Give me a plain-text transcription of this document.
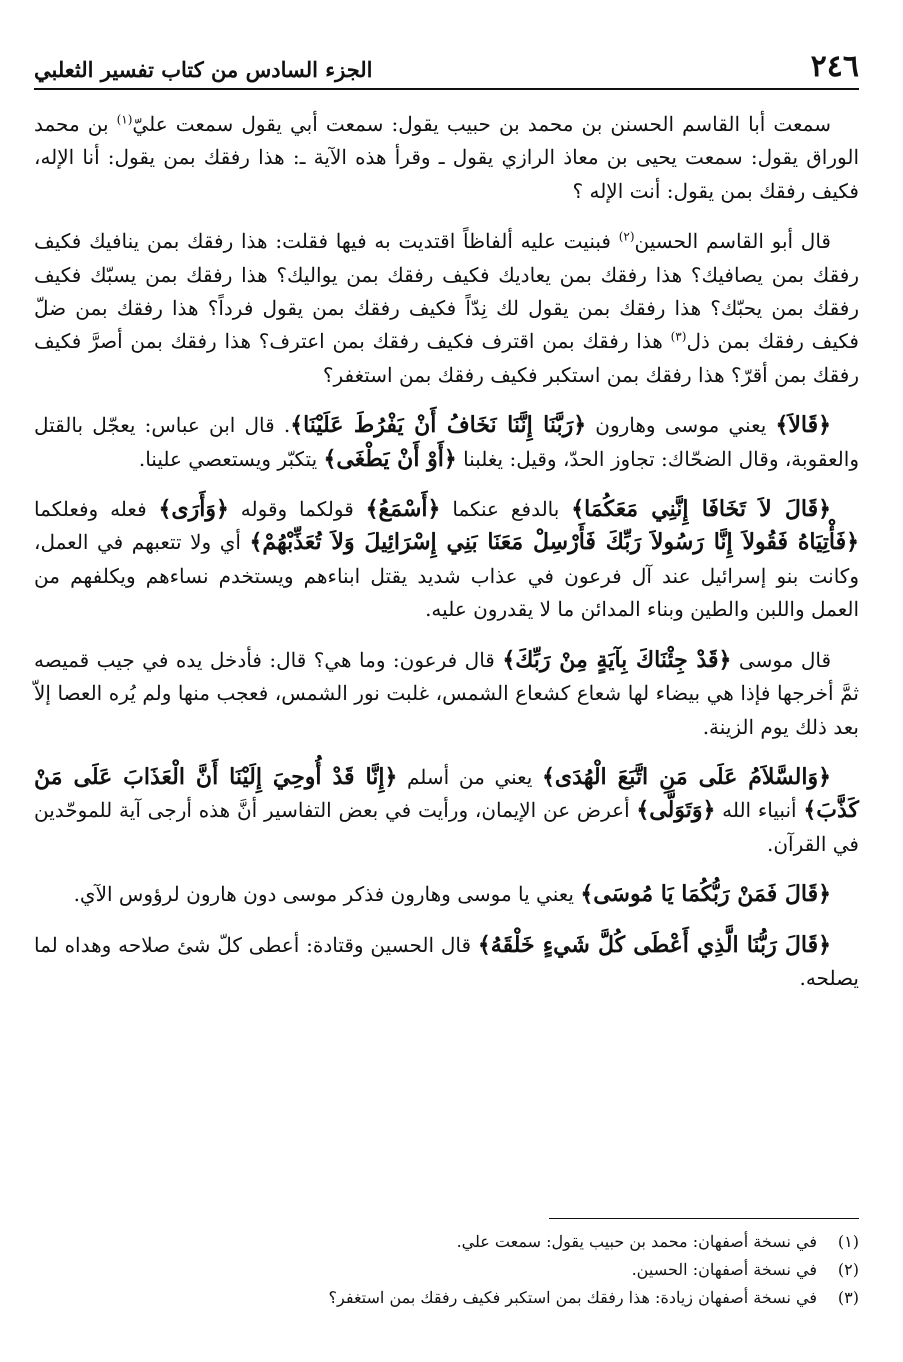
٢٤٦
الجزء السادس من كتاب تفسير الثعلبي

سمعت أبا القاسم الحسنن بن محمد بن حبيب يقول: سمعت أبي يقول سمعت عليّ$^{(١)}$ بن محمد الوراق يقول: سمعت يحيى بن معاذ الرازي يقول ـ وقرأ هذه الآية ـ: هذا رفقك بمن يقول: أنا الإله، فكيف رفقك بمن يقول: أنت الإله ؟

قال أبو القاسم الحسين$^{(٢)}$ فبنيت عليه ألفاظاً اقتديت به فيها فقلت: هذا رفقك بمن ينافيك فكيف رفقك بمن يصافيك؟ هذا رفقك بمن يعاديك فكيف رفقك بمن يواليك؟ هذا رفقك بمن يسبّك فكيف رفقك بمن يحبّك؟ هذا رفقك بمن يقول لك نِدّاً فكيف رفقك بمن يقول فرداً؟ هذا رفقك بمن ضلّ فكيف رفقك بمن ذل$^{(٣)}$ هذا رفقك بمن اقترف فكيف رفقك بمن اعترف؟ هذا رفقك بمن أصرَّ فكيف رفقك بمن أقرّ؟ هذا رفقك بمن استكبر فكيف رفقك بمن استغفر؟

﴿قَالاَ﴾ يعني موسى وهارون ﴿رَبَّنَا إِنَّنَا نَخَافُ أَنْ يَفْرُطَ عَلَيْنَا﴾. قال ابن عباس: يعجّل بالقتل والعقوبة، وقال الضحّاك: تجاوز الحدّ، وقيل: يغلبنا ﴿أَوْ أَنْ يَطْغَى﴾ يتكبّر ويستعصي علينا.

﴿قَالَ لاَ تَخَافَا إِنَّنِي مَعَكُمَا﴾ بالدفع عنكما ﴿أَسْمَعُ﴾ قولكما وقوله ﴿وَأَرَى﴾ فعله وفعلكما ﴿فَأْتِيَاهُ فَقُولاَ إِنَّا رَسُولاَ رَبِّكَ فَأَرْسِلْ مَعَنَا بَنِي إِسْرَائِيلَ وَلاَ تُعَذِّبْهُمْ﴾ أي ولا تتعبهم في العمل، وكانت بنو إسرائيل عند آل فرعون في عذاب شديد يقتل ابناءهم ويستخدم نساءهم ويكلفهم من العمل واللبن والطين وبناء المدائن ما لا يقدرون عليه.

قال موسى ﴿قَدْ جِئْنَاكَ بِآيَةٍ مِنْ رَبِّكَ﴾ قال فرعون: وما هي؟ قال: فأدخل يده في جيب قميصه ثمَّ أخرجها فإذا هي بيضاء لها شعاع كشعاع الشمس، غلبت نور الشمس، فعجب منها ولم يُره العصا إلاّ بعد ذلك يوم الزينة.

﴿وَالسَّلاَمُ عَلَى مَنِ اتَّبَعَ الْهُدَى﴾ يعني من أسلم ﴿إِنَّا قَدْ أُوحِيَ إِلَيْنَا أَنَّ الْعَذَابَ عَلَى مَنْ كَذَّبَ﴾ أنبياء الله ﴿وَتَوَلَّى﴾ أعرض عن الإيمان، ورأيت في بعض التفاسير أنَّ هذه أرجى آية للموحّدين في القرآن.

﴿قَالَ فَمَنْ رَبُّكُمَا يَا مُوسَى﴾ يعني يا موسى وهارون فذكر موسى دون هارون لرؤوس الآي.

﴿قَالَ رَبُّنَا الَّذِي أَعْطَى كُلَّ شَيءٍ خَلْقَهُ﴾ قال الحسين وقتادة: أعطى كلّ شئ صلاحه وهداه لما يصلحه.

(١)
في نسخة أصفهان: محمد بن حبيب يقول: سمعت علي.
(٢)
في نسخة أصفهان: الحسين.
(٣)
في نسخة أصفهان زيادة: هذا رفقك بمن استكبر فكيف رفقك بمن استغفر؟
